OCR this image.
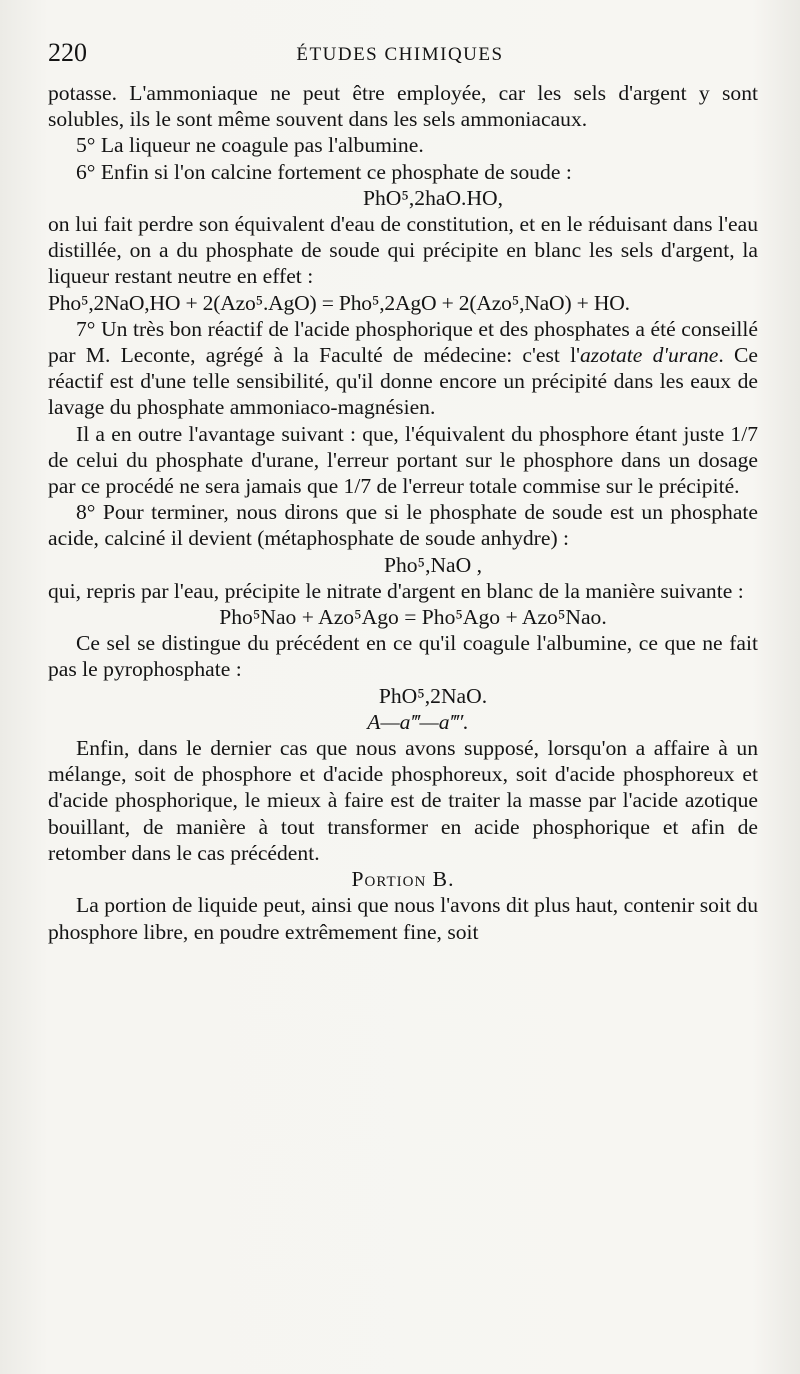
220	ÉTUDES CHIMIQUES

potasse. L'ammoniaque ne peut être employée, car les sels d'argent y sont solubles, ils le sont même souvent dans les sels ammoniacaux.

5° La liqueur ne coagule pas l'albumine.

6° Enfin si l'on calcine fortement ce phosphate de soude :

PhO⁵,2haO.HO,

on lui fait perdre son équivalent d'eau de constitution, et en le réduisant dans l'eau distillée, on a du phosphate de soude qui précipite en blanc les sels d'argent, la liqueur restant neutre en effet :

Pho⁵,2NaO,HO + 2(Azo⁵.AgO) = Pho⁵,2AgO + 2(Azo⁵,NaO) + HO.

7° Un très bon réactif de l'acide phosphorique et des phosphates a été conseillé par M. Leconte, agrégé à la Faculté de médecine: c'est l'azotate d'urane. Ce réactif est d'une telle sensibilité, qu'il donne encore un précipité dans les eaux de lavage du phosphate ammoniaco-magnésien.

Il a en outre l'avantage suivant : que, l'équivalent du phosphore étant juste 1/7 de celui du phosphate d'urane, l'erreur portant sur le phosphore dans un dosage par ce procédé ne sera jamais que 1/7 de l'erreur totale commise sur le précipité.

8° Pour terminer, nous dirons que si le phosphate de soude est un phosphate acide, calciné il devient (métaphosphate de soude anhydre) :

Pho⁵,NaO ,

qui, repris par l'eau, précipite le nitrate d'argent en blanc de la manière suivante :

Pho⁵Nao + Azo⁵Ago = Pho⁵Ago + Azo⁵Nao.

Ce sel se distingue du précédent en ce qu'il coagule l'albumine, ce que ne fait pas le pyrophosphate :

PhO⁵,2NaO.

A—a‴—a‴′.

Enfin, dans le dernier cas que nous avons supposé, lorsqu'on a affaire à un mélange, soit de phosphore et d'acide phosphoreux, soit d'acide phosphoreux et d'acide phosphorique, le mieux à faire est de traiter la masse par l'acide azotique bouillant, de manière à tout transformer en acide phosphorique et afin de retomber dans le cas précédent.

Portion B.

La portion de liquide peut, ainsi que nous l'avons dit plus haut, contenir soit du phosphore libre, en poudre extrêmement fine, soit
